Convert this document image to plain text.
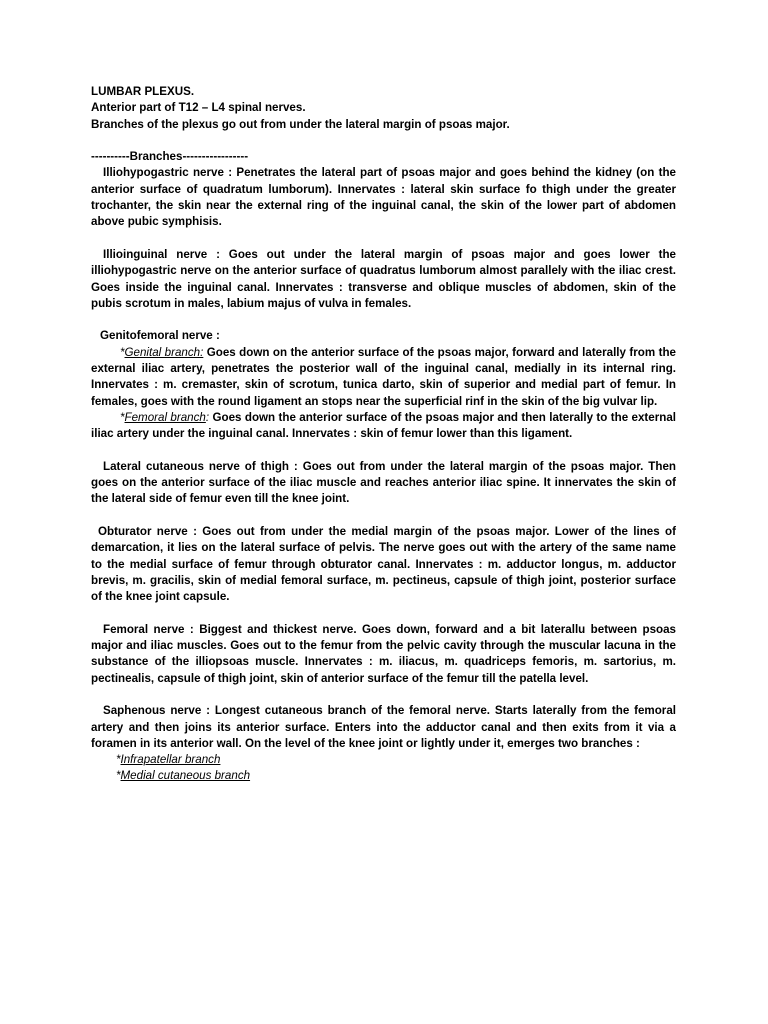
LUMBAR PLEXUS.
Anterior part of T12 – L4 spinal nerves.
Branches of the plexus go out from under the lateral margin of psoas major.
----------Branches-----------------

Illiohypogastric nerve : Penetrates the lateral part of psoas major and goes behind the kidney (on the anterior surface of quadratum lumborum). Innervates : lateral skin surface fo thigh under the greater trochanter, the skin near the external ring of the inguinal canal, the skin of the lower part of abdomen above pubic symphisis.

Illioinguinal nerve : Goes out under the lateral margin of psoas major and goes lower the illiohypogastric nerve on the anterior surface of quadratus lumborum almost parallely with the iliac crest. Goes inside the inguinal canal. Innervates : transverse and oblique muscles of abdomen, skin of the pubis scrotum in males, labium majus of vulva in females.

Genitofemoral nerve :

*Genital branch: Goes down on the anterior surface of the psoas major, forward and laterally from the external iliac artery, penetrates the posterior wall of the inguinal canal, medially in its internal ring. Innervates : m. cremaster, skin of scrotum, tunica darto, skin of superior and medial part of femur. In females, goes with the round ligament an stops near the superficial rinf in the skin of the big vulvar lip.

*Femoral branch: Goes down the anterior surface of the psoas major and then laterally to the external iliac artery under the inguinal canal. Innervates : skin of femur lower than this ligament.

Lateral cutaneous nerve of thigh : Goes out from under the lateral margin of the psoas major. Then goes on the anterior surface of the iliac muscle and reaches anterior iliac spine. It innervates the skin of the lateral side of femur even till the knee joint.

Obturator nerve : Goes out from under the medial margin of the psoas major. Lower of the lines of demarcation, it lies on the lateral surface of pelvis. The nerve goes out with the artery of the same name to the medial surface of femur through obturator canal. Innervates : m. adductor longus, m. adductor brevis, m. gracilis, skin of medial femoral surface, m. pectineus, capsule of thigh joint, posterior surface of the knee joint capsule.

Femoral nerve : Biggest and thickest nerve. Goes down, forward and a bit laterallu between psoas major and iliac muscles. Goes out to the femur from the pelvic cavity through the muscular lacuna in the substance of the illiopsoas muscle. Innervates : m. iliacus, m. quadriceps femoris, m. sartorius, m. pectinealis, capsule of thigh joint, skin of anterior surface of the femur till the patella level.

Saphenous nerve : Longest cutaneous branch of the femoral nerve. Starts laterally from the femoral artery and then joins its anterior surface. Enters into the adductor canal and then exits from it via a foramen in its anterior wall. On the level of the knee joint or lightly under it, emerges two branches :

*Infrapatellar branch
*Medial cutaneous branch
